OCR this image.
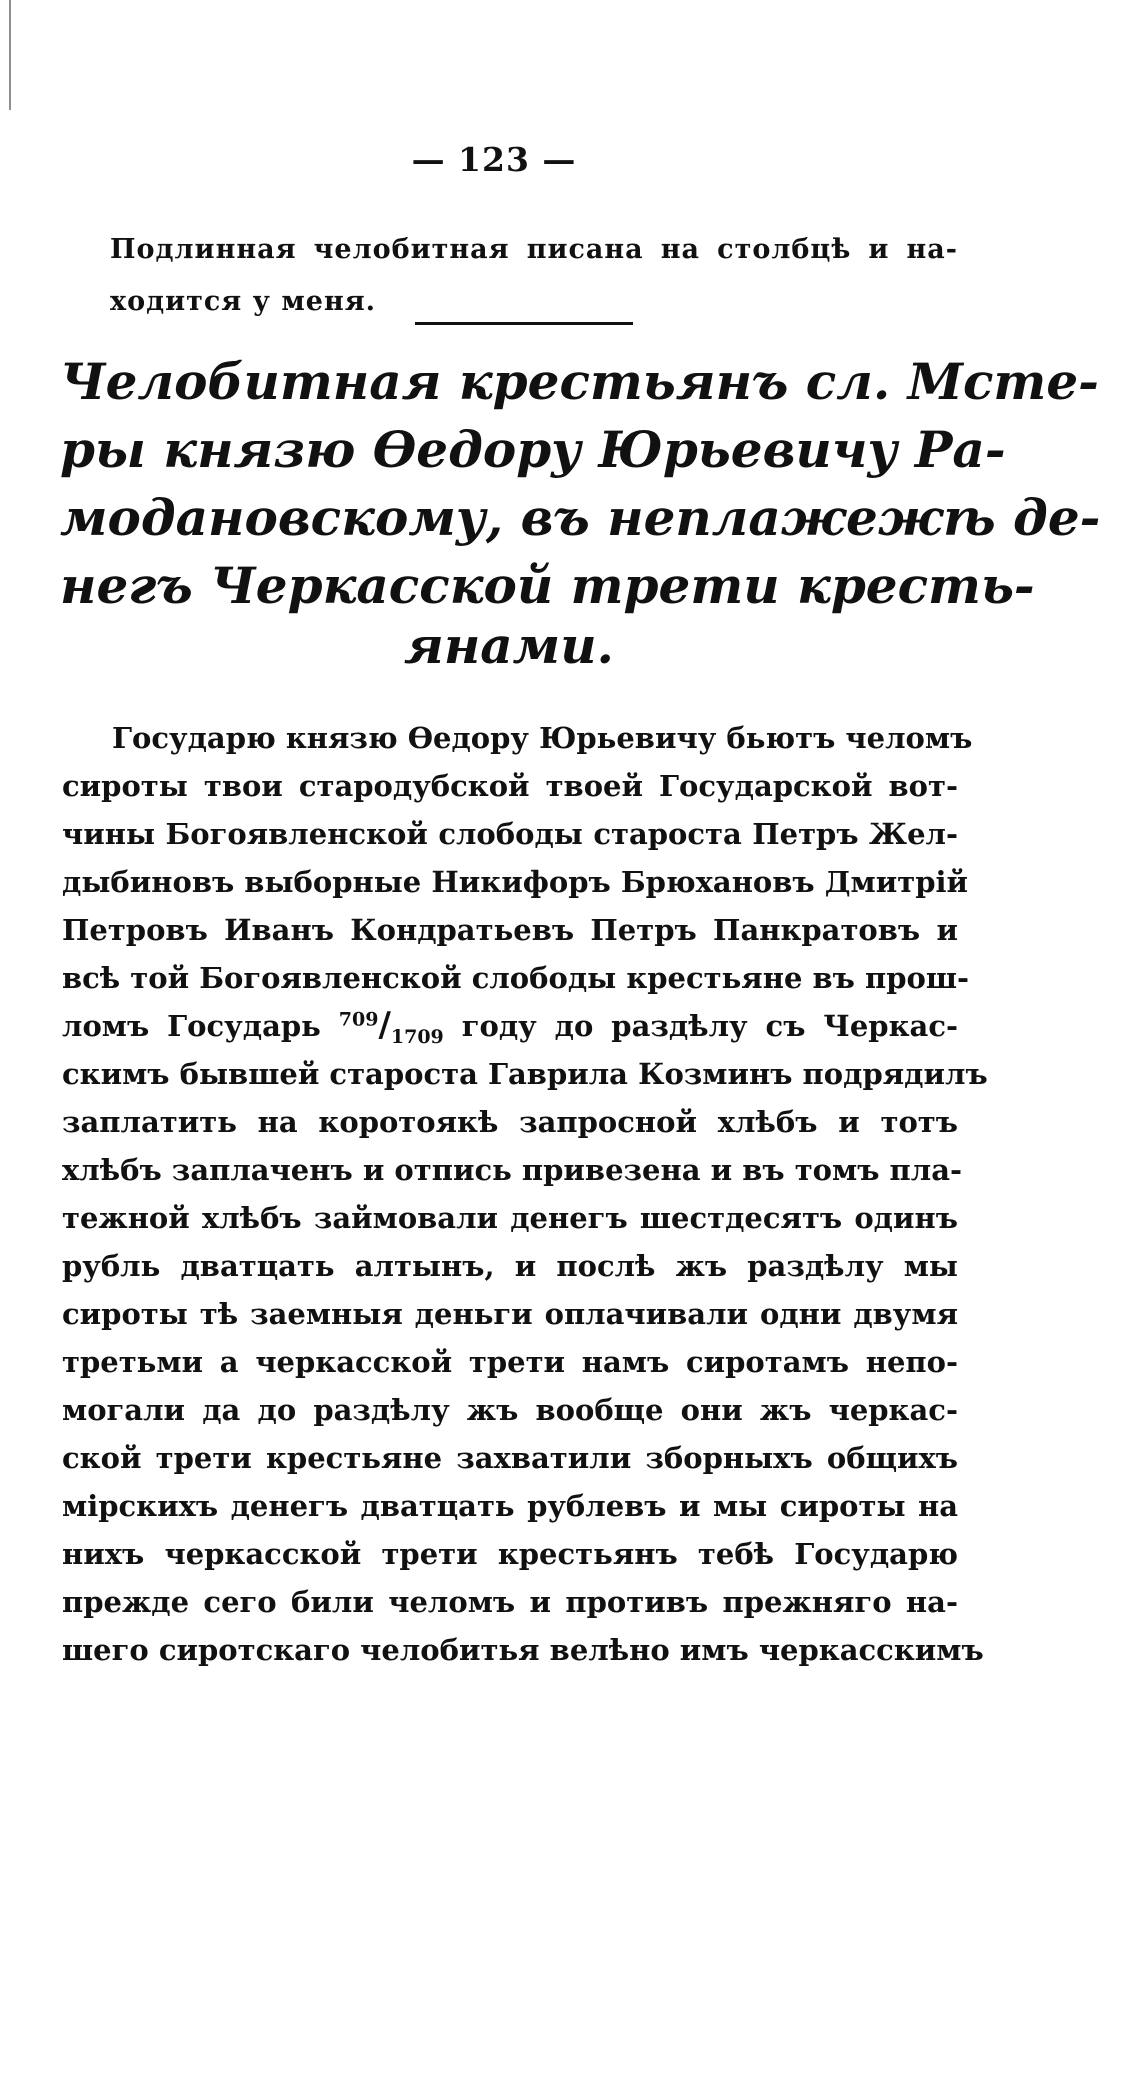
— 123 —
Подлинная челобитная писана на столбцѣ и на-
ходится у меня.
Челобитная крестьянъ сл. Мсте-
ры князю Ѳедору Юрьевичу Ра-
модановскому, въ неплажежѣ де-
негъ Черкасской трети кресть-
янами.
Государю князю Ѳедору Юрьевичу бьютъ челомъ
сироты твои стародубской твоей Государской вот-
чины Богоявленской слободы староста Петръ Жел-
дыбиновъ выборные Никифоръ Брюхановъ Дмитрій
Петровъ Иванъ Кондратьевъ Петръ Панкратовъ и
всѣ той Богоявленской слободы крестьяне въ прош-
ломъ Государь $^{709}/_{1709}$ году до раздѣлу съ Черкас-
скимъ бывшей староста Гаврила Козминъ подрядилъ
заплатить на коротоякѣ запросной хлѣбъ и тотъ
хлѣбъ заплаченъ и отпись привезена и въ томъ пла-
тежной хлѣбъ займовали денегъ шестдесятъ одинъ
рубль дватцать алтынъ, и послѣ жъ раздѣлу мы
сироты тѣ заемныя деньги оплачивали одни двумя
третьми а черкасской трети намъ сиротамъ непо-
могали да до раздѣлу жъ вообще они жъ черкас-
ской трети крестьяне захватили зборныхъ общихъ
мірскихъ денегъ дватцать рублевъ и мы сироты на
нихъ черкасской трети крестьянъ тебѣ Государю
прежде сего били челомъ и противъ прежняго на-
шего сиротскаго челобитья велѣно имъ черкасскимъ
